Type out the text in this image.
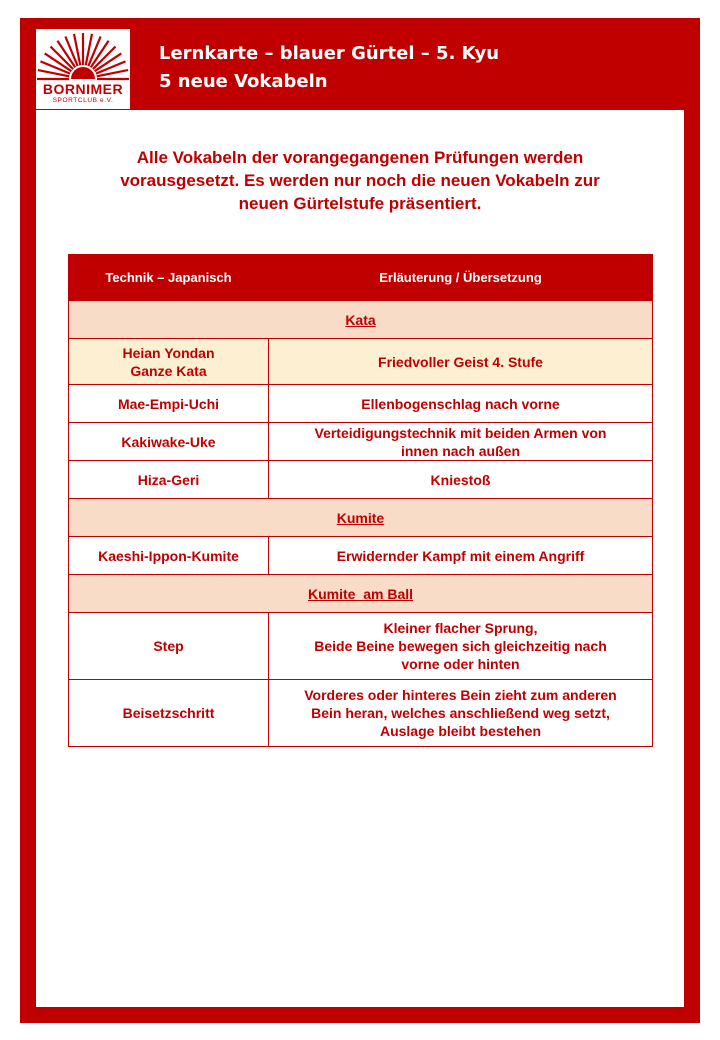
BORNIMER
SPORTCLUB e.V.
Lernkarte – blauer Gürtel – 5. Kyu
5 neue Vokabeln
Alle Vokabeln der vorangegangenen Prüfungen werden
vorausgesetzt. Es werden nur noch die neuen Vokabeln zur
neuen Gürtelstufe präsentiert.
Technik – Japanisch	Erläuterung / Übersetzung
Kata	

Heian Yondan
Ganze Kata	Friedvoller Geist 4. Stufe
Mae-Empi-Uchi	Ellenbogenschlag nach vorne
Kakiwake-Uke	Verteidigungstechnik mit beiden Armen von
innen nach außen

Hiza-Geri	Kniestoß
Kumite	
Kaeshi-Ippon-Kumite	Erwidernder Kampf mit einem Angriff
Kumite  am Ball	
Step	Kleiner flacher Sprung,
Beide Beine bewegen sich gleichzeitig nach
vorne oder hinten

Beisetzschritt	Vorderes oder hinteres Bein zieht zum anderen
Bein heran, welches anschließend weg setzt,
Auslage bleibt bestehen
